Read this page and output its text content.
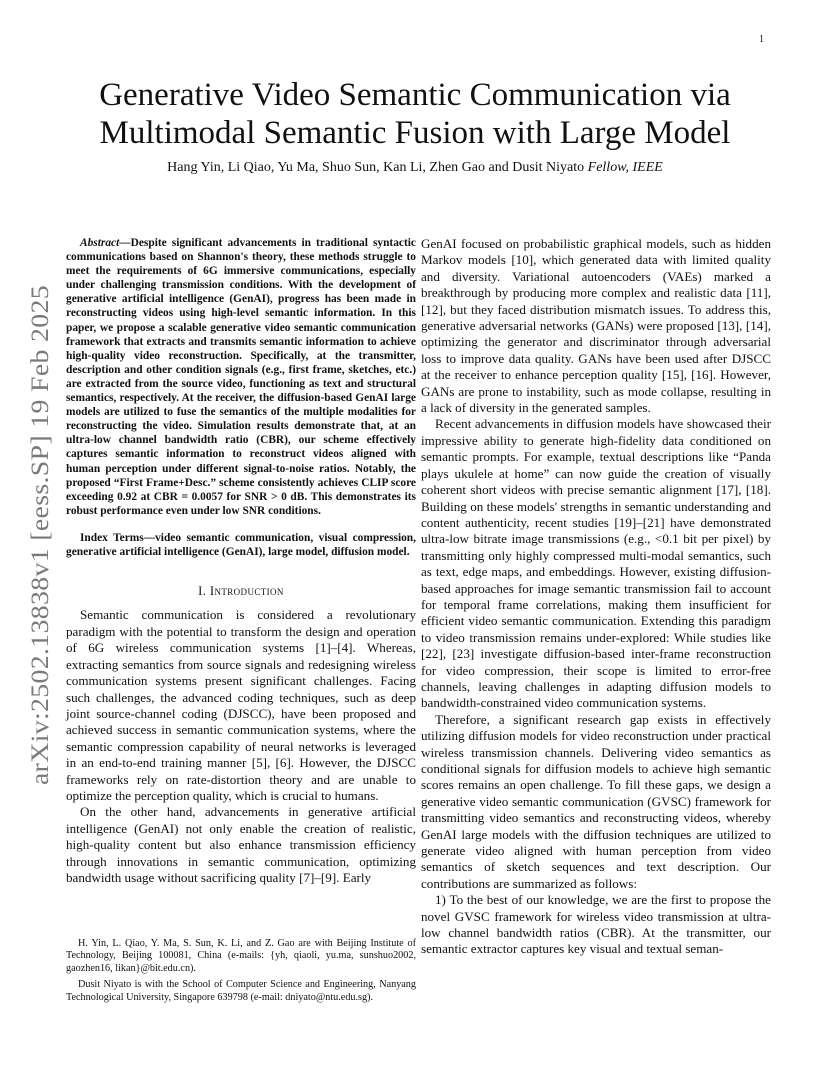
1
arXiv:2502.13838v1 [eess.SP] 19 Feb 2025
Generative Video Semantic Communication via
Multimodal Semantic Fusion with Large Model

Hang Yin, Li Qiao, Yu Ma, Shuo Sun, Kan Li, Zhen Gao and Dusit Niyato Fellow, IEEE

Abstract—Despite significant advancements in traditional syntactic communications based on Shannon's theory, these methods struggle to meet the requirements of 6G immersive communications, especially under challenging transmission conditions. With the development of generative artificial intelligence (GenAI), progress has been made in reconstructing videos using high-level semantic information. In this paper, we propose a scalable generative video semantic communication framework that extracts and transmits semantic information to achieve high-quality video reconstruction. Specifically, at the transmitter, description and other condition signals (e.g., first frame, sketches, etc.) are extracted from the source video, functioning as text and structural semantics, respectively. At the receiver, the diffusion-based GenAI large models are utilized to fuse the semantics of the multiple modalities for reconstructing the video. Simulation results demonstrate that, at an ultra-low channel bandwidth ratio (CBR), our scheme effectively captures semantic information to reconstruct videos aligned with human perception under different signal-to-noise ratios. Notably, the proposed “First Frame+Desc.” scheme consistently achieves CLIP score exceeding 0.92 at CBR = 0.0057 for SNR > 0 dB. This demonstrates its robust performance even under low SNR conditions.

Index Terms—video semantic communication, visual compression, generative artificial intelligence (GenAI), large model, diffusion model.

I. Introduction

Semantic communication is considered a revolutionary paradigm with the potential to transform the design and operation of 6G wireless communication systems [1]–[4]. Whereas, extracting semantics from source signals and redesigning wireless communication systems present significant challenges. Facing such challenges, the advanced coding techniques, such as deep joint source-channel coding (DJSCC), have been proposed and achieved success in semantic communication systems, where the semantic compression capability of neural networks is leveraged in an end-to-end training manner [5], [6]. However, the DJSCC frameworks rely on rate-distortion theory and are unable to optimize the perception quality, which is crucial to humans.

On the other hand, advancements in generative artificial intelligence (GenAI) not only enable the creation of realistic, high-quality content but also enhance transmission efficiency through innovations in semantic communication, optimizing bandwidth usage without sacrificing quality [7]–[9]. Early

H. Yin, L. Qiao, Y. Ma, S. Sun, K. Li, and Z. Gao are with Beijing Institute of Technology, Beijing 100081, China (e-mails: {yh, qiaoli, yu.ma, sunshuo2002, gaozhen16, likan}@bit.edu.cn).

Dusit Niyato is with the School of Computer Science and Engineering, Nanyang Technological University, Singapore 639798 (e-mail: dniyato@ntu.edu.sg).

GenAI focused on probabilistic graphical models, such as hidden Markov models [10], which generated data with limited quality and diversity. Variational autoencoders (VAEs) marked a breakthrough by producing more complex and realistic data [11], [12], but they faced distribution mismatch issues. To address this, generative adversarial networks (GANs) were proposed [13], [14], optimizing the generator and discriminator through adversarial loss to improve data quality. GANs have been used after DJSCC at the receiver to enhance perception quality [15], [16]. However, GANs are prone to instability, such as mode collapse, resulting in a lack of diversity in the generated samples.

Recent advancements in diffusion models have showcased their impressive ability to generate high-fidelity data conditioned on semantic prompts. For example, textual descriptions like “Panda plays ukulele at home” can now guide the creation of visually coherent short videos with precise semantic alignment [17], [18]. Building on these models' strengths in semantic understanding and content authenticity, recent studies [19]–[21] have demonstrated ultra-low bitrate image transmissions (e.g., <0.1 bit per pixel) by transmitting only highly compressed multi-modal semantics, such as text, edge maps, and embeddings. However, existing diffusion-based approaches for image semantic transmission fail to account for temporal frame correlations, making them insufficient for efficient video semantic communication. Extending this paradigm to video transmission remains under-explored: While studies like [22], [23] investigate diffusion-based inter-frame reconstruction for video compression, their scope is limited to error-free channels, leaving challenges in adapting diffusion models to bandwidth-constrained video communication systems.

Therefore, a significant research gap exists in effectively utilizing diffusion models for video reconstruction under practical wireless transmission channels. Delivering video semantics as conditional signals for diffusion models to achieve high semantic scores remains an open challenge. To fill these gaps, we design a generative video semantic communication (GVSC) framework for transmitting video semantics and reconstructing videos, whereby GenAI large models with the diffusion techniques are utilized to generate video aligned with human perception from video semantics of sketch sequences and text description. Our contributions are summarized as follows:

1) To the best of our knowledge, we are the first to propose the novel GVSC framework for wireless video transmission at ultra-low channel bandwidth ratios (CBR). At the transmitter, our semantic extractor captures key visual and textual seman-
